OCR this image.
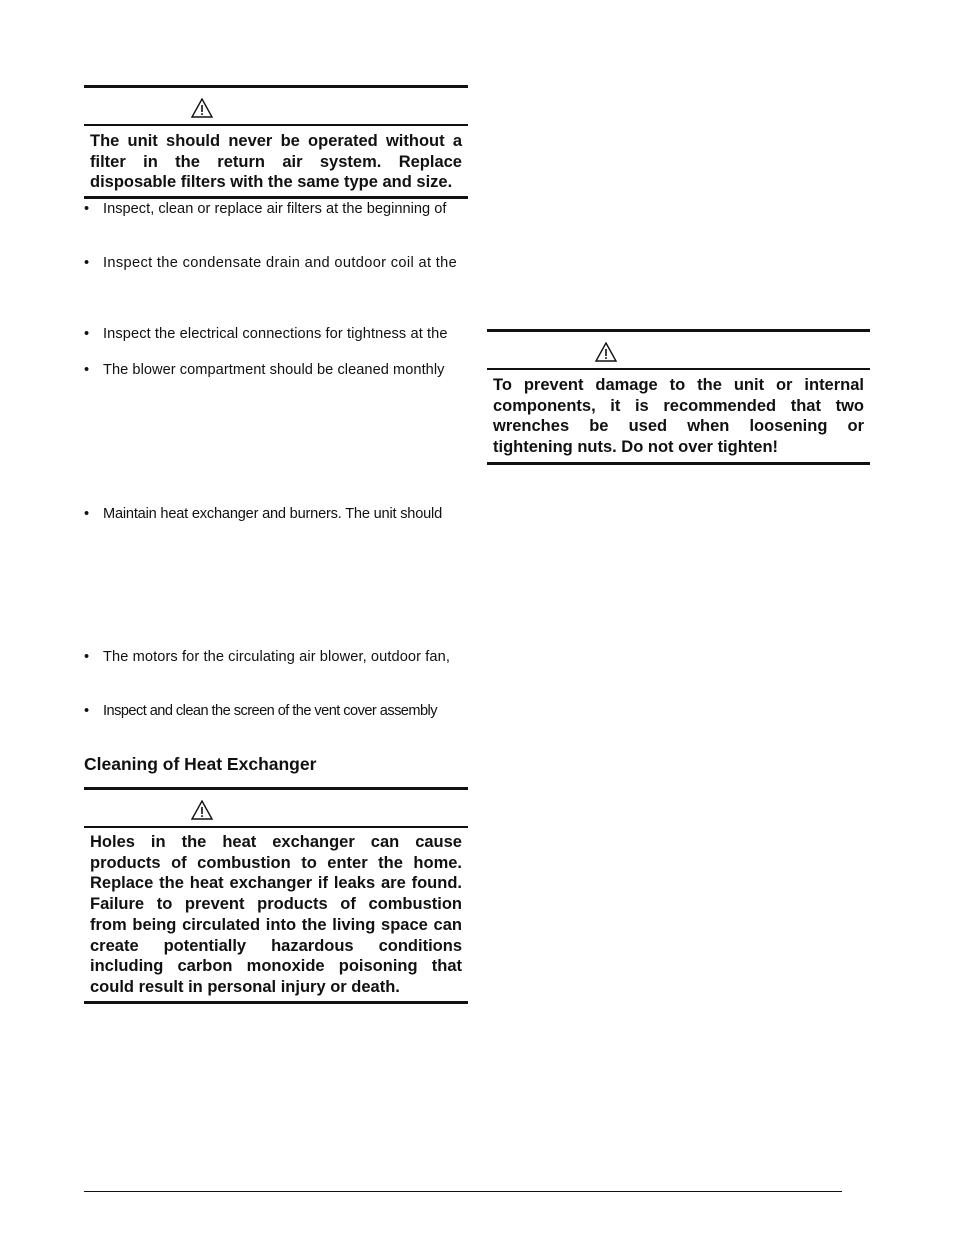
The unit should never be operated without a filter in the return air system. Replace disposable filters with the same type and size.
• Inspect, clean or replace air filters at the beginning of
• Inspect the condensate drain and outdoor coil at the
• Inspect the electrical connections for tightness at the
• The blower compartment should be cleaned monthly
• Maintain heat exchanger and burners. The unit should
• The motors for the circulating air blower, outdoor fan,
• Inspect and clean the screen of the vent cover assembly
Cleaning of Heat Exchanger
Holes in the heat exchanger can cause products of combustion to enter the home. Replace the heat exchanger if leaks are found. Failure to prevent products of combustion from being circulated into the living space can create potentially hazardous conditions including carbon monoxide poisoning that could result in personal injury or death.
To prevent damage to the unit or internal components, it is recommended that two wrenches be used when loosening or tightening nuts. Do not over tighten!
